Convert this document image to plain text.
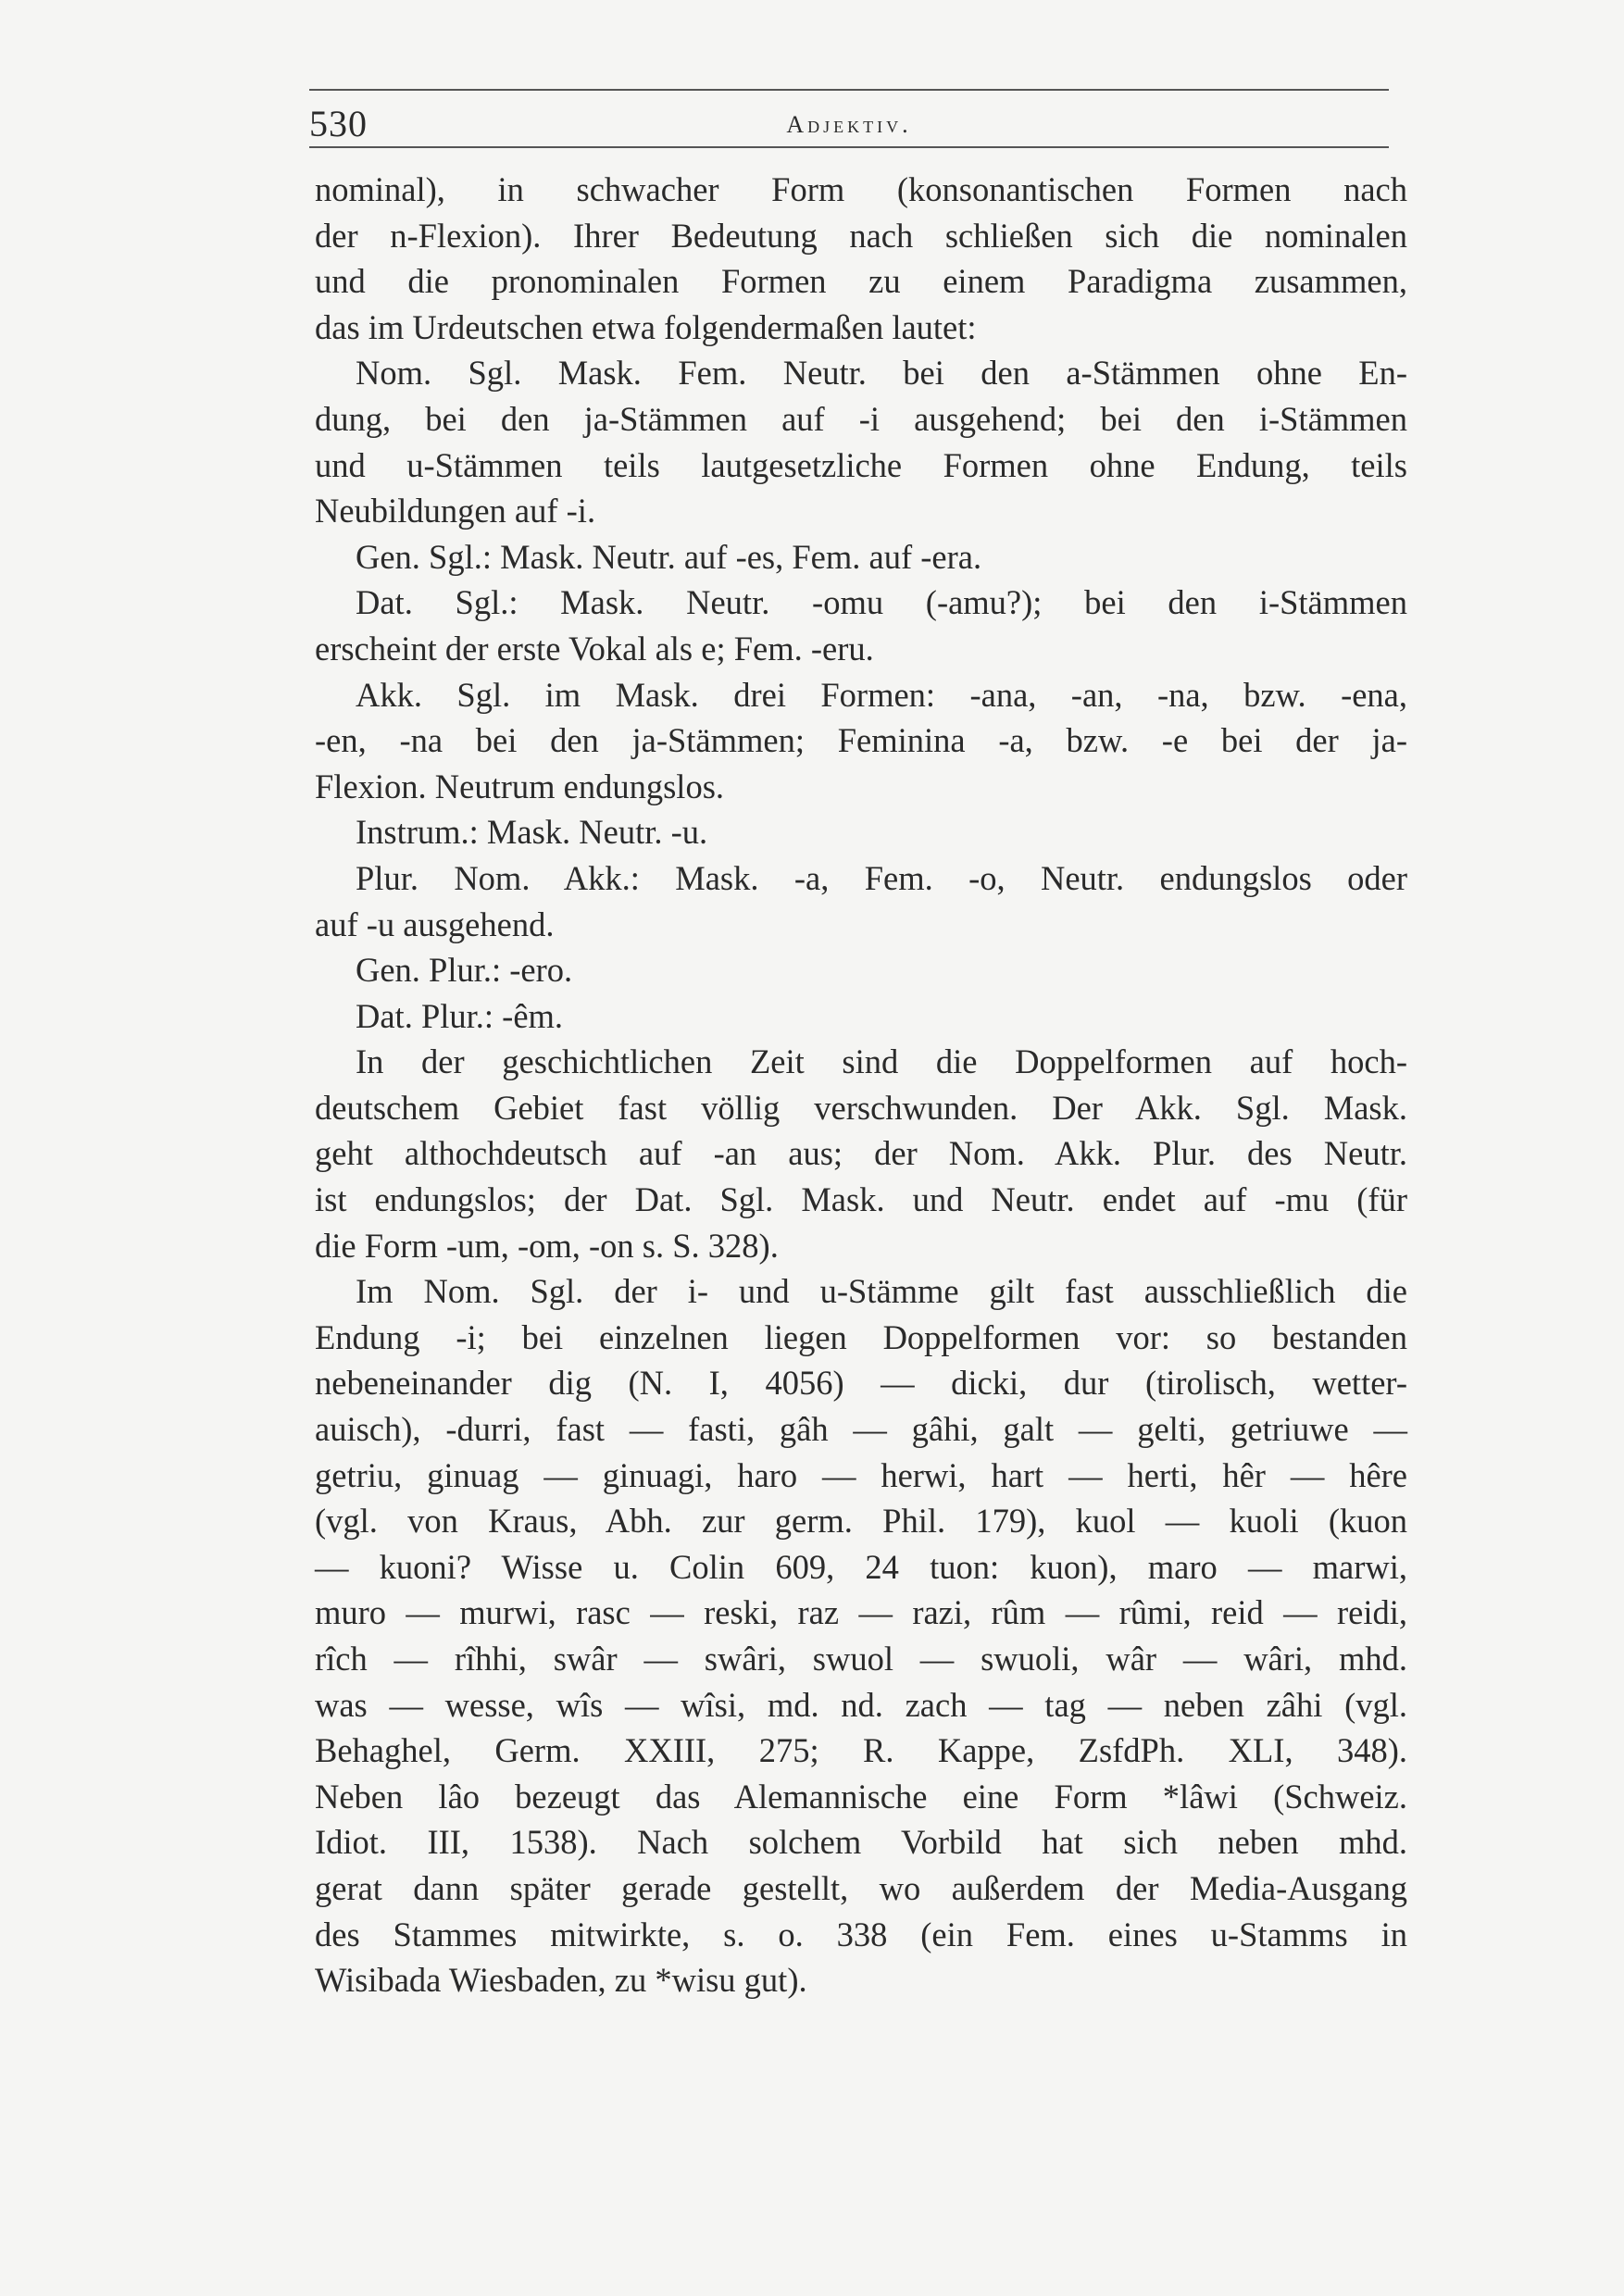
530	Adjektiv.
nominal), in schwacher Form (konsonantischen Formen nach
der n-Flexion). Ihrer Bedeutung nach schließen sich die nominalen
und die pronominalen Formen zu einem Paradigma zusammen,
das im Urdeutschen etwa folgendermaßen lautet:
Nom. Sgl. Mask. Fem. Neutr. bei den a-Stämmen ohne En-
dung, bei den ja-Stämmen auf -i ausgehend; bei den i-Stämmen
und u-Stämmen teils lautgesetzliche Formen ohne Endung, teils
Neubildungen auf -i.
Gen. Sgl.: Mask. Neutr. auf -es, Fem. auf -era.
Dat. Sgl.: Mask. Neutr. -omu (-amu?); bei den i-Stämmen
erscheint der erste Vokal als e; Fem. -eru.
Akk. Sgl. im Mask. drei Formen: -ana, -an, -na, bzw. -ena,
-en, -na bei den ja-Stämmen; Feminina -a, bzw. -e bei der ja-
Flexion. Neutrum endungslos.
Instrum.: Mask. Neutr. -u.
Plur. Nom. Akk.: Mask. -a, Fem. -o, Neutr. endungslos oder
auf -u ausgehend.
Gen. Plur.: -ero.
Dat. Plur.: -êm.
In der geschichtlichen Zeit sind die Doppelformen auf hoch-
deutschem Gebiet fast völlig verschwunden. Der Akk. Sgl. Mask.
geht althochdeutsch auf -an aus; der Nom. Akk. Plur. des Neutr.
ist endungslos; der Dat. Sgl. Mask. und Neutr. endet auf -mu (für
die Form -um, -om, -on s. S. 328).
Im Nom. Sgl. der i- und u-Stämme gilt fast ausschließlich die
Endung -i; bei einzelnen liegen Doppelformen vor: so bestanden
nebeneinander dig (N. I, 4056) — dicki, dur (tirolisch, wetter-
auisch), -durri, fast — fasti, gâh — gâhi, galt — gelti, getriuwe —
getriu, ginuag — ginuagi, haro — herwi, hart — herti, hêr — hêre
(vgl. von Kraus, Abh. zur germ. Phil. 179), kuol — kuoli (kuon
— kuoni? Wisse u. Colin 609, 24 tuon: kuon), maro — marwi,
muro — murwi, rasc — reski, raz — razi, rûm — rûmi, reid — reidi,
rîch — rîhhi, swâr — swâri, swuol — swuoli, wâr — wâri, mhd.
was — wesse, wîs — wîsi, md. nd. zach — tag — neben zâhi (vgl.
Behaghel, Germ. XXIII, 275; R. Kappe, ZsfdPh. XLI, 348).
Neben lâo bezeugt das Alemannische eine Form *lâwi (Schweiz.
Idiot. III, 1538). Nach solchem Vorbild hat sich neben mhd.
gerat dann später gerade gestellt, wo außerdem der Media-Ausgang
des Stammes mitwirkte, s. o. 338 (ein Fem. eines u-Stamms in
Wisibada Wiesbaden, zu *wisu gut).
